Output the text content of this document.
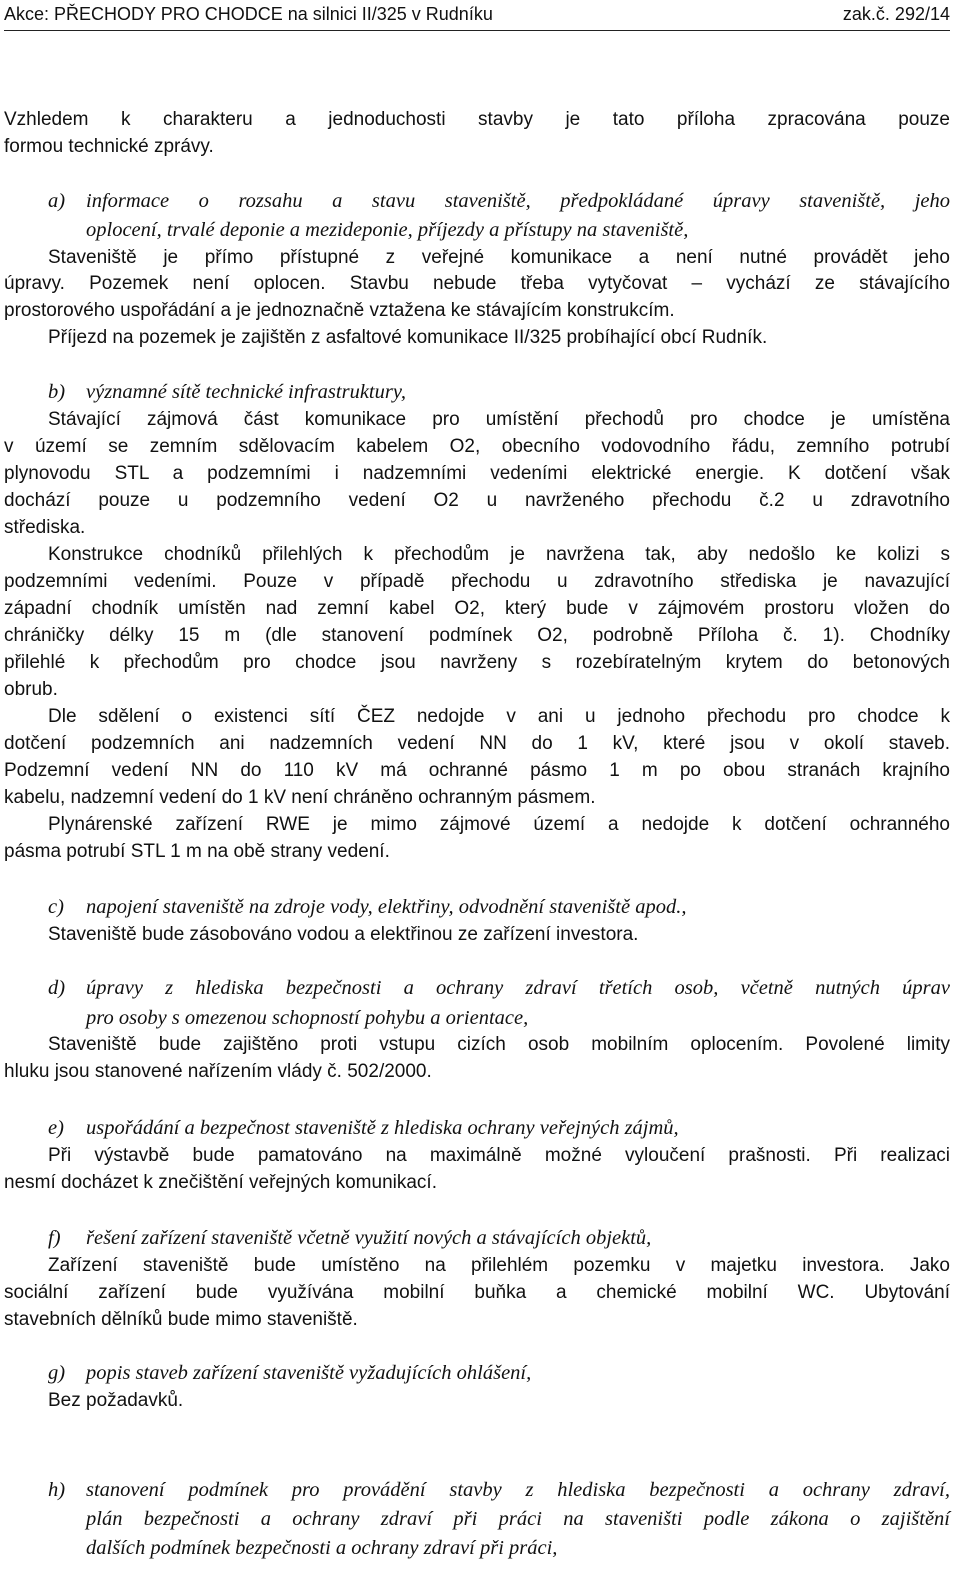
Akce: PŘECHODY PRO CHODCE na silnici II/325 v Rudníku	zak.č. 292/14
Vzhledem k charakteru a jednoduchosti stavby je tato příloha zpracována pouze
formou technické zprávy.
a)	informace o rozsahu a stavu staveniště, předpokládané úpravy staveniště, jeho
oplocení, trvalé deponie a mezideponie, příjezdy a přístupy na staveniště,
Staveniště je přímo přístupné z veřejné komunikace a není nutné provádět jeho
úpravy. Pozemek není oplocen. Stavbu nebude třeba vytyčovat – vychází ze stávajícího
prostorového uspořádání a je jednoznačně vztažena ke stávajícím konstrukcím.
Příjezd na pozemek je zajištěn z asfaltové komunikace II/325 probíhající obcí Rudník.
b)	významné sítě technické infrastruktury,
Stávající zájmová část komunikace pro umístění přechodů pro chodce je umístěna
v území se zemním sdělovacím kabelem O2, obecního vodovodního řádu, zemního potrubí
plynovodu STL a podzemními i nadzemními vedeními elektrické energie. K dotčení však
dochází pouze u podzemního vedení O2 u navrženého přechodu č.2 u zdravotního
střediska.
Konstrukce chodníků přilehlých k přechodům je navržena tak, aby nedošlo ke kolizi s
podzemními vedeními. Pouze v případě přechodu u zdravotního střediska je navazující
západní chodník umístěn nad zemní kabel O2, který bude v zájmovém prostoru vložen do
chráničky délky 15 m (dle stanovení podmínek O2, podrobně Příloha č. 1). Chodníky
přilehlé k přechodům pro chodce jsou navrženy s rozebíratelným krytem do betonových
obrub.
Dle sdělení o existenci sítí ČEZ nedojde v ani u jednoho přechodu pro chodce k
dotčení podzemních ani nadzemních vedení NN do 1 kV, které jsou v okolí staveb.
Podzemní vedení NN do 110 kV má ochranné pásmo 1 m po obou stranách krajního
kabelu, nadzemní vedení do 1 kV není chráněno ochranným pásmem.
Plynárenské zařízení RWE je mimo zájmové území a nedojde k dotčení ochranného
pásma potrubí STL 1 m na obě strany vedení.
c)	napojení staveniště na zdroje vody, elektřiny, odvodnění staveniště apod.,
Staveniště bude zásobováno vodou a elektřinou ze zařízení investora.
d)	úpravy z hlediska bezpečnosti a ochrany zdraví třetích osob, včetně nutných úprav
pro osoby s omezenou schopností pohybu a orientace,
Staveniště bude zajištěno proti vstupu cizích osob mobilním oplocením. Povolené limity
hluku jsou stanovené nařízením vlády č. 502/2000.
e)	uspořádání a bezpečnost staveniště z hlediska ochrany veřejných zájmů,
Při výstavbě bude pamatováno na maximálně možné vyloučení prašnosti. Při realizaci
nesmí docházet k znečištění veřejných komunikací.
f)	řešení zařízení staveniště včetně využití nových a stávajících objektů,
Zařízení staveniště bude umístěno na přilehlém pozemku v majetku investora. Jako
sociální zařízení bude využívána mobilní buňka a chemické mobilní WC. Ubytování
stavebních dělníků bude mimo staveniště.
g)	popis staveb zařízení staveniště vyžadujících ohlášení,
Bez požadavků.
h)	stanovení podmínek pro provádění stavby z hlediska bezpečnosti a ochrany zdraví,
plán bezpečnosti a ochrany zdraví při práci na staveništi podle zákona o zajištění
dalších podmínek bezpečnosti a ochrany zdraví při práci,
